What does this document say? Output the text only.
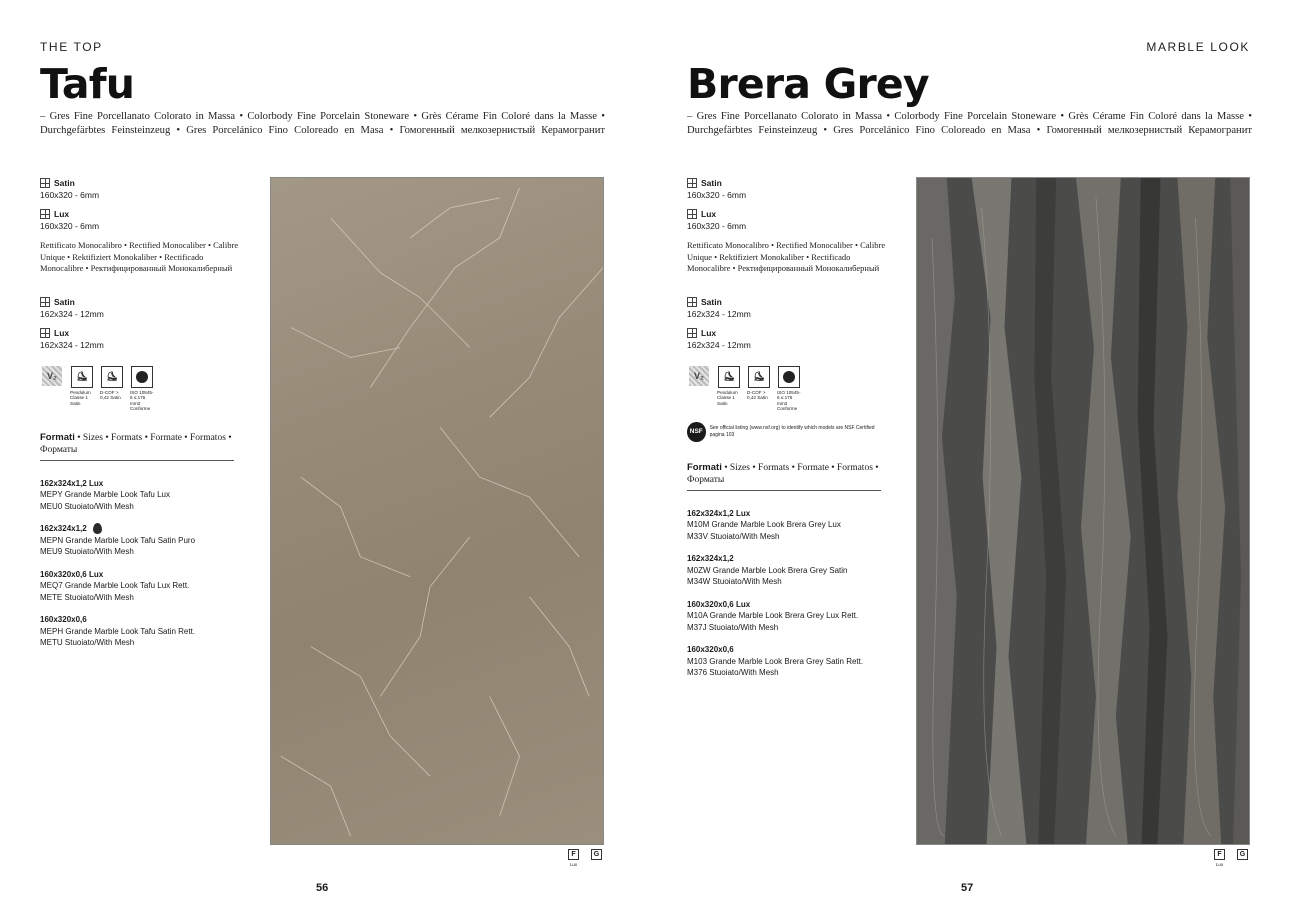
THE TOP
Tafu
– Gres Fine Porcellanato Colorato in Massa • Colorbody Fine Porcelain Stoneware • Grès Cérame Fin Coloré dans la Masse • Durchgefärbtes Feinsteinzeug • Gres Porcelánico Fino Coloreado en Masa • Гомогенный мелкозернистый Керамогранит
Satin
160x320 - 6mm
Lux
160x320 - 6mm
Rettificato Monocalibro • Rectified Monocaliber • Calibre Unique • Rektifiziert Monokaliber • Rectificado Monocalibre • Ректифицированный Монокалиберный
Satin
162x324 - 12mm
Lux
162x324 - 12mm
V₂	⛸
Pendulum Classe 1 Satin
⛸
D-COF > 0,42 Satin
ISO 10545-6 ≤ 175 mm3 Conforme
Formati • Sizes • Formats • Formate • Formatos • Форматы
162x324x1,2 Lux
MEPY Grande Marble Look Tafu Lux
MEU0 Stuoiato/With Mesh
162x324x1,2
MEPN Grande Marble Look Tafu Satin Puro
MEU9 Stuoiato/With Mesh
160x320x0,6 Lux
MEQ7 Grande Marble Look Tafu Lux Rett.
METE Stuoiato/With Mesh
160x320x0,6
MEPH Grande Marble Look Tafu Satin Rett.
METU Stuoiato/With Mesh
F
Lux
G
56
MARBLE LOOK
Brera Grey
– Gres Fine Porcellanato Colorato in Massa • Colorbody Fine Porcelain Stoneware • Grès Cérame Fin Coloré dans la Masse • Durchgefärbtes Feinsteinzeug • Gres Porcelánico Fino Coloreado en Masa • Гомогенный мелкозернистый Керамогранит
Satin
160x320 - 6mm
Lux
160x320 - 6mm
Rettificato Monocalibro • Rectified Monocaliber • Calibre Unique • Rektifiziert Monokaliber • Rectificado Monocalibre • Ректифицированный Монокалиберный
Satin
162x324 - 12mm
Lux
162x324 - 12mm
V₂	⛸
Pendulum Classe 1 Satin
⛸
D-COF > 0,42 Satin
ISO 10545-6 ≤ 175 mm3 Conforme
NSF	See official listing (www.nsf.org) to identify which models are NSF Certified pagina 103
Formati • Sizes • Formats • Formate • Formatos • Форматы
162x324x1,2 Lux
M10M Grande Marble Look Brera Grey Lux
M33V Stuoiato/With Mesh
162x324x1,2
M0ZW Grande Marble Look Brera Grey Satin
M34W Stuoiato/With Mesh
160x320x0,6 Lux
M10A Grande Marble Look Brera Grey Lux Rett.
M37J Stuoiato/With Mesh
160x320x0,6
M103 Grande Marble Look Brera Grey Satin Rett.
M376 Stuoiato/With Mesh
F
Lux
G
57
